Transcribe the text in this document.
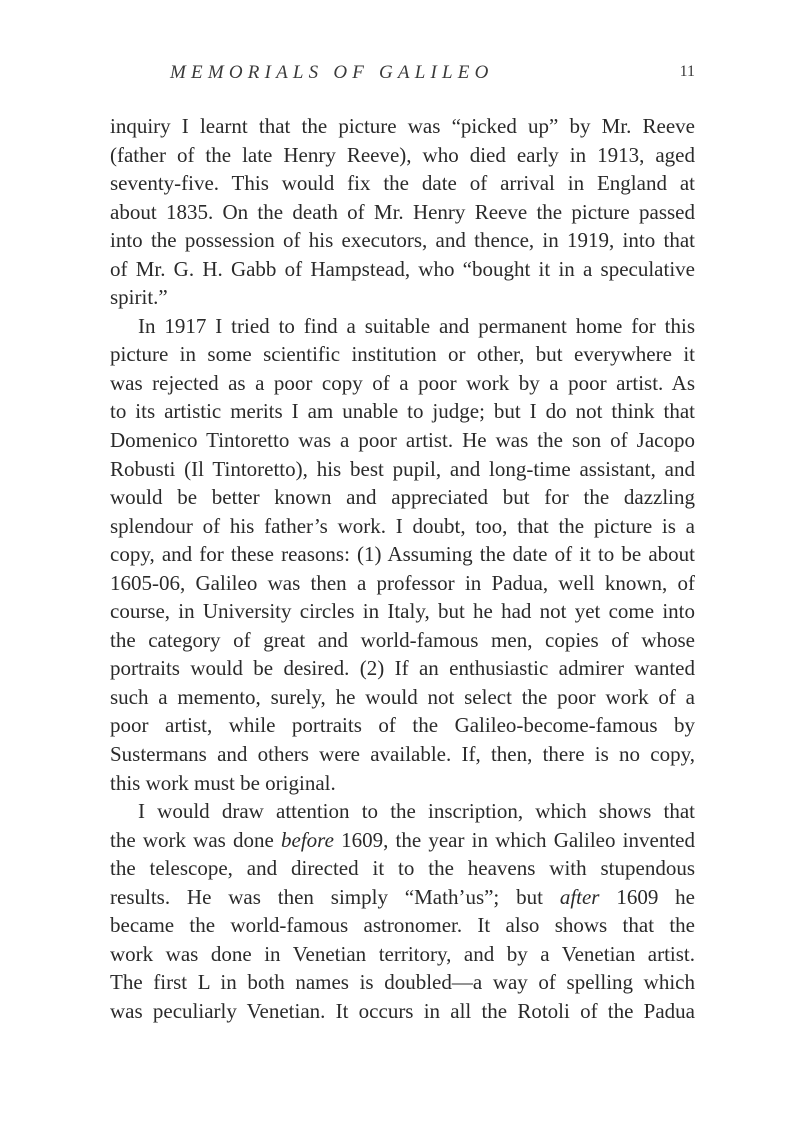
MEMORIALS OF GALILEO	11
inquiry I learnt that the picture was “picked up” by Mr. Reeve
(father of the late Henry Reeve), who died early in 1913, aged
seventy-five. This would fix the date of arrival in England at
about 1835. On the death of Mr. Henry Reeve the picture passed
into the possession of his executors, and thence, in 1919, into that
of Mr. G. H. Gabb of Hampstead, who “bought it in a speculative
spirit.”
In 1917 I tried to find a suitable and permanent home for this
picture in some scientific institution or other, but everywhere it
was rejected as a poor copy of a poor work by a poor artist. As
to its artistic merits I am unable to judge; but I do not think that
Domenico Tintoretto was a poor artist. He was the son of Jacopo
Robusti (Il Tintoretto), his best pupil, and long-time assistant, and
would be better known and appreciated but for the dazzling
splendour of his father’s work. I doubt, too, that the picture is a
copy, and for these reasons: (1) Assuming the date of it to be about
1605-06, Galileo was then a professor in Padua, well known, of
course, in University circles in Italy, but he had not yet come into
the category of great and world-famous men, copies of whose
portraits would be desired. (2) If an enthusiastic admirer wanted
such a memento, surely, he would not select the poor work of a
poor artist, while portraits of the Galileo-become-famous by
Sustermans and others were available. If, then, there is no copy,
this work must be original.
I would draw attention to the inscription, which shows that
the work was done before 1609, the year in which Galileo invented
the telescope, and directed it to the heavens with stupendous
results. He was then simply “Math’us”; but after 1609 he
became the world-famous astronomer. It also shows that the
work was done in Venetian territory, and by a Venetian artist.
The first L in both names is doubled—a way of spelling which
was peculiarly Venetian. It occurs in all the Rotoli of the Padua
